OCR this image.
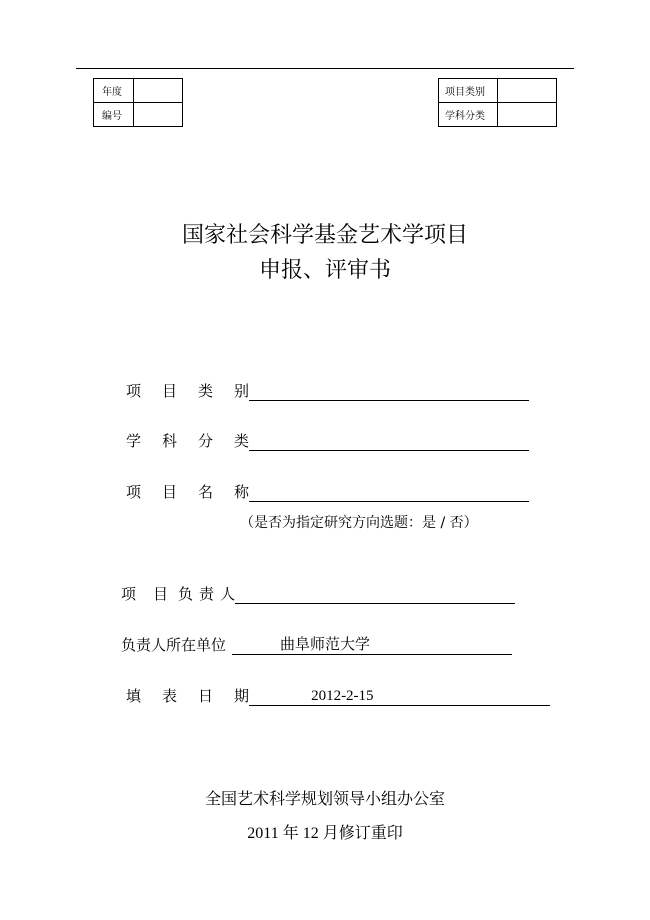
年度	
编号	
项目类别	
学科分类	
国家社会科学基金艺术学项目
申报、评审书
项 目 类 别
学 科 分 类
项 目 名 称
（是否为指定研究方向选题：是 / 否）
项 目 负 责 人
负责人所在单位	曲阜师范大学
填 表 日 期	2012-2-15
全国艺术科学规划领导小组办公室
2011 年 12 月修订重印
